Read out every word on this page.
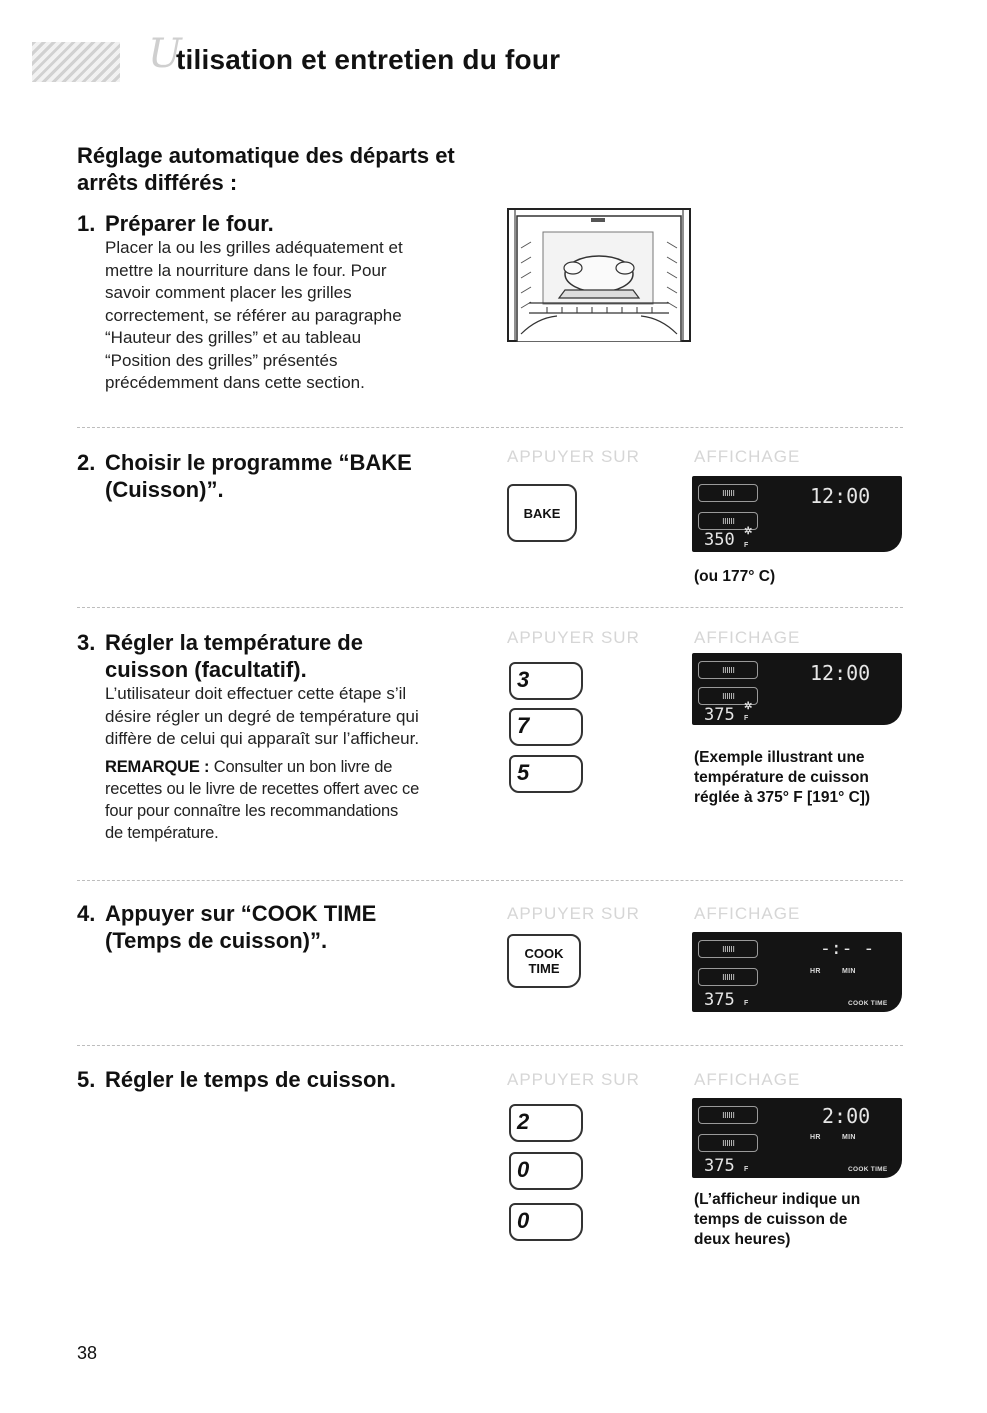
U
tilisation et entretien du four
Réglage automatique des départs et arrêts différés :
1. Préparer le four.
Placer la ou les grilles adéquatement et
mettre la nourriture dans le four. Pour
savoir comment placer les grilles
correctement, se référer au paragraphe
“Hauteur des grilles” et au tableau
“Position des grilles” présentés
précédemment dans cette section.
2. Choisir le programme “BAKE
(Cuisson)”.
APPUYER SUR	AFFICHAGE
BAKE
ıııııı
ıııııı
12:00
350 F
✲
(ou 177° C)
3. Régler la température de
cuisson (facultatif).
L’utilisateur doit effectuer cette étape s’il
désire régler un degré de température qui
diffère de celui qui apparaît sur l’afficheur.
REMARQUE : Consulter un bon livre de
recettes ou le livre de recettes offert avec ce
four pour connaître les recommandations
de température.
APPUYER SUR	AFFICHAGE
3
7
5
ıııııı
ıııııı
12:00
375 F
✲
(Exemple illustrant une
température de cuisson
réglée à 375° F [191° C])
4. Appuyer sur “COOK TIME
(Temps de cuisson)”.
APPUYER SUR	AFFICHAGE
COOK
TIME
ıııııı
ıııııı
-:- -
HR	MIN
375 F	COOK TIME
5. Régler le temps de cuisson.	APPUYER SUR	AFFICHAGE
2
0
0
ıııııı
ıııııı
2:00
HR	MIN
375 F	COOK TIME
(L’afficheur indique un
temps de cuisson de
deux heures)
38
